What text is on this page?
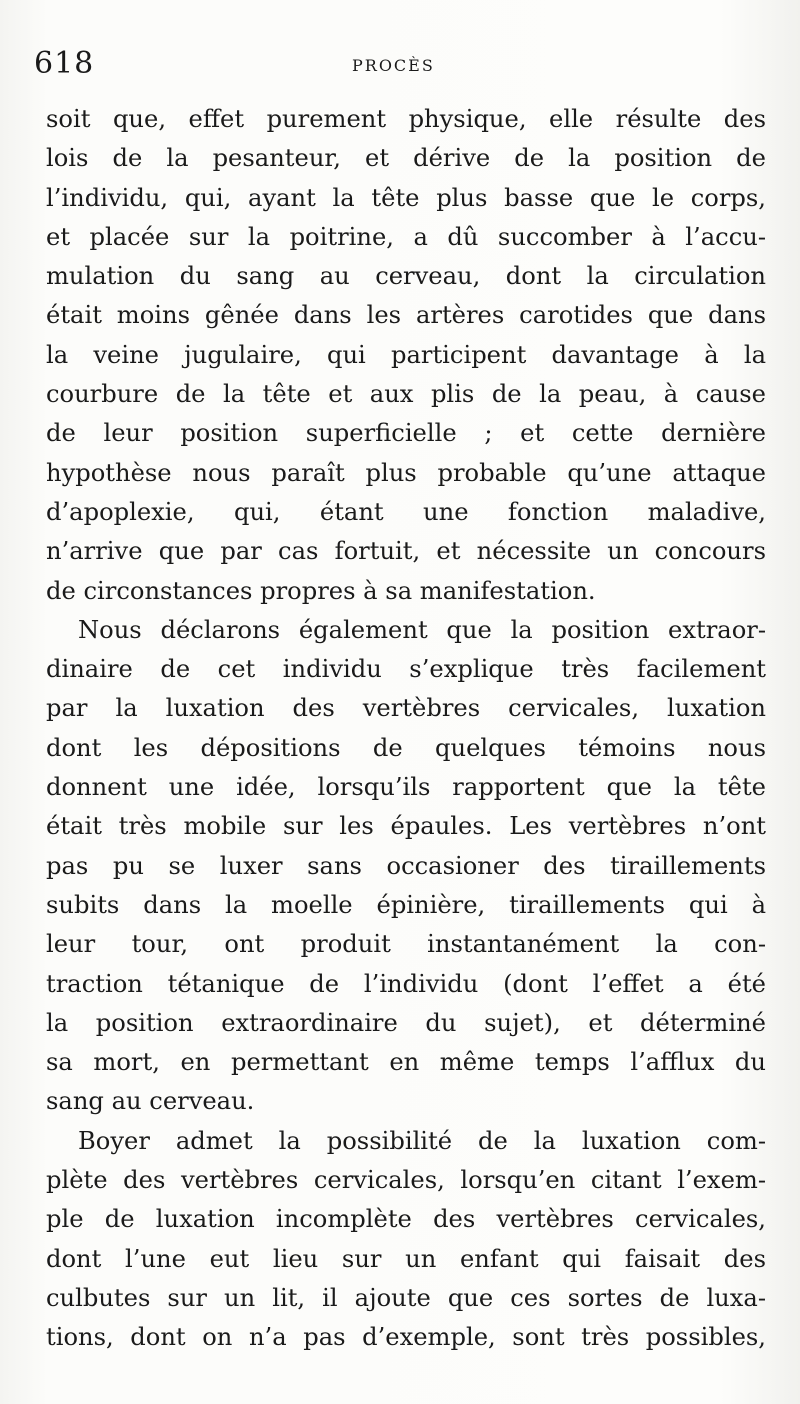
618	PROCÈS
soit que, effet purement physique, elle résulte des
lois de la pesanteur, et dérive de la position de
l’individu, qui, ayant la tête plus basse que le corps,
et placée sur la poitrine, a dû succomber à l’accu-
mulation du sang au cerveau, dont la circulation
était moins gênée dans les artères carotides que dans
la veine jugulaire, qui participent davantage à la
courbure de la tête et aux plis de la peau, à cause
de leur position superficielle ; et cette dernière
hypothèse nous paraît plus probable qu’une attaque
d’apoplexie, qui, étant une fonction maladive,
n’arrive que par cas fortuit, et nécessite un concours
de circonstances propres à sa manifestation.
Nous déclarons également que la position extraor-
dinaire de cet individu s’explique très facilement
par la luxation des vertèbres cervicales, luxation
dont les dépositions de quelques témoins nous
donnent une idée, lorsqu’ils rapportent que la tête
était très mobile sur les épaules. Les vertèbres n’ont
pas pu se luxer sans occasioner des tiraillements
subits dans la moelle épinière, tiraillements qui à
leur tour, ont produit instantanément la con-
traction tétanique de l’individu (dont l’effet a été
la position extraordinaire du sujet), et déterminé
sa mort, en permettant en même temps l’afflux du
sang au cerveau.
Boyer admet la possibilité de la luxation com-
plète des vertèbres cervicales, lorsqu’en citant l’exem-
ple de luxation incomplète des vertèbres cervicales,
dont l’une eut lieu sur un enfant qui faisait des
culbutes sur un lit, il ajoute que ces sortes de luxa-
tions, dont on n’a pas d’exemple, sont très possibles,
